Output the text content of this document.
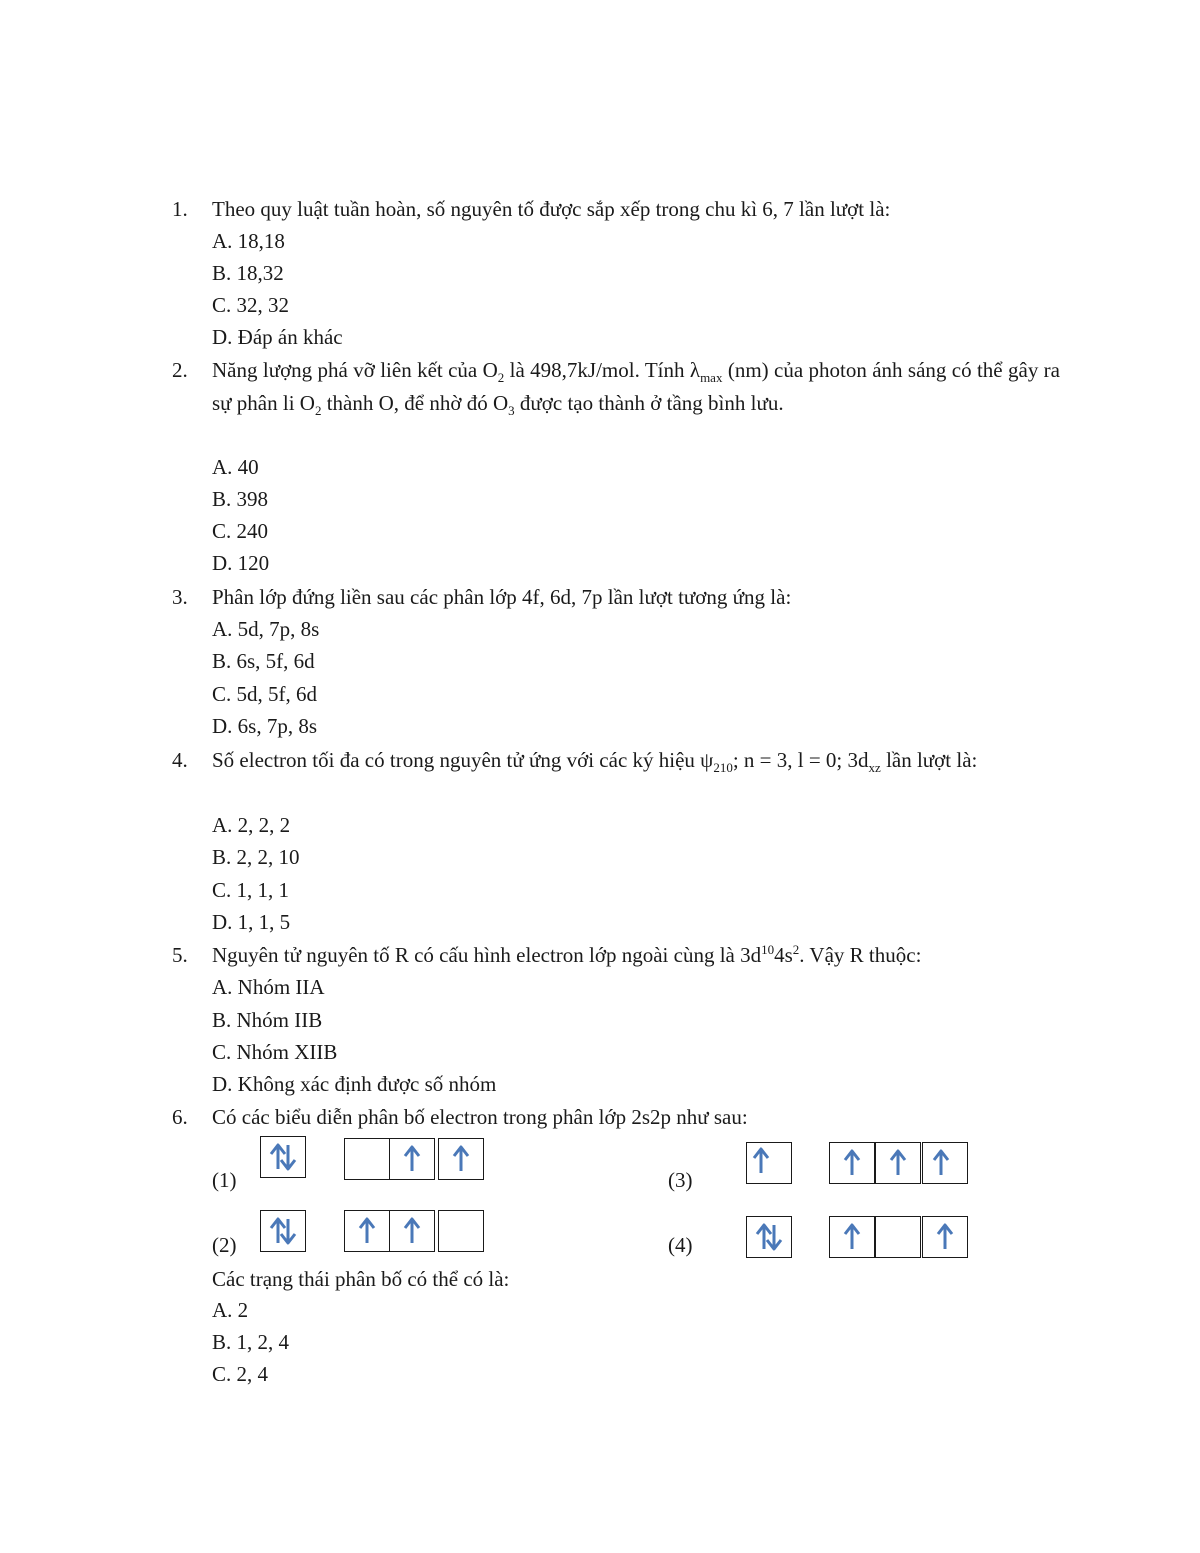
1. Theo quy luật tuần hoàn, số nguyên tố được sắp xếp trong chu kì 6, 7 lần lượt là:
A. 18,18
B. 18,32
C. 32, 32
D. Đáp án khác
2. Năng lượng phá vỡ liên kết của $O_2$ là 498,7kJ/mol. Tính $\lambda_{max}$ (nm) của photon ánh sáng có thể gây ra sự phân li $O_2$ thành O, để nhờ đó $O_3$ được tạo thành ở tầng bình lưu.
A. 40
B. 398
C. 240
D. 120
3. Phân lớp đứng liền sau các phân lớp 4f, 6d, 7p lần lượt tương ứng là:
A. 5d, 7p, 8s
B. 6s, 5f, 6d
C. 5d, 5f, 6d
D. 6s, 7p, 8s
4. Số electron tối đa có trong nguyên tử ứng với các ký hiệu $\psi_{210}$; n = 3, l = 0; $3d_{xz}$ lần lượt là:
A. 2, 2, 2
B. 2, 2, 10
C. 1, 1, 1
D. 1, 1, 5
5. Nguyên tử nguyên tố R có cấu hình electron lớp ngoài cùng là $3d^{10}4s^2$. Vậy R thuộc:
A. Nhóm IIA
B. Nhóm IIB
C. Nhóm XIIB
D. Không xác định được số nhóm
6. Có các biểu diễn phân bố electron trong phân lớp 2s2p như sau:
(1)
(2)
(3)
(4)
Các trạng thái phân bố có thể có là:
A. 2
B. 1, 2, 4
C. 2, 4
